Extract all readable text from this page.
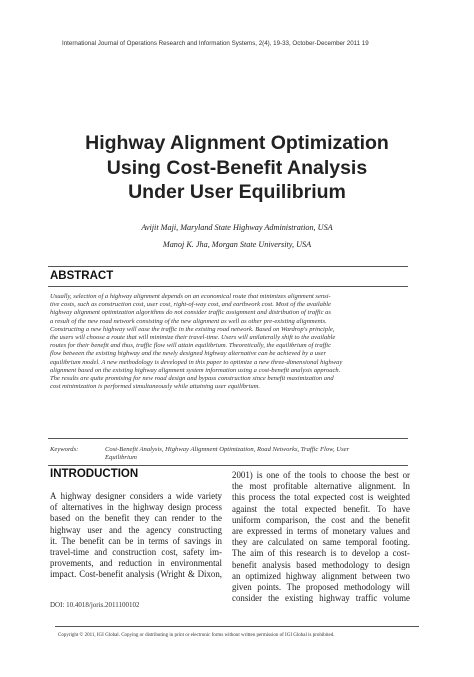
International Journal of Operations Research and Information Systems, 2(4), 19-33, October-December 2011 19
Highway Alignment Optimization
Using Cost-Benefit Analysis
Under User Equilibrium
Avijit Maji, Maryland State Highway Administration, USA
Manoj K. Jha, Morgan State University, USA
ABSTRACT
Usually, selection of a highway alignment depends on an economical route that minimizes alignment sensi-
tive costs, such as construction cost, user cost, right-of-way cost, and earthwork cost. Most of the available
highway alignment optimization algorithms do not consider traffic assignment and distribution of traffic as
a result of the new road network consisting of the new alignment as well as other pre-existing alignments.
Constructing a new highway will ease the traffic in the existing road network. Based on Wardrop's principle,
the users will choose a route that will minimize their travel-time. Users will unilaterally shift to the available
routes for their benefit and thus, traffic flow will attain equilibrium. Theoretically, the equilibrium of traffic
flow between the existing highway and the newly designed highway alternative can be achieved by a user
equilibrium model. A new methodology is developed in this paper to optimize a new three-dimensional highway
alignment based on the existing highway alignment system information using a cost-benefit analysis approach.
The results are quite promising for new road design and bypass construction since benefit maximization and
cost minimization is performed simultaneously while attaining user equilibrium.
Keywords:	Cost-Benefit Analysis, Highway Alignment Optimization, Road Networks, Traffic Flow, User
Equilibrium
INTRODUCTION
A highway designer considers a wide variety
of alternatives in the highway design process
based on the benefit they can render to the
highway user and the agency constructing
it. The benefit can be in terms of savings in
travel-time and construction cost, safety im-
provements, and reduction in environmental
impact. Cost-benefit analysis (Wright & Dixon,
2001) is one of the tools to choose the best or
the most profitable alternative alignment. In
this process the total expected cost is weighted
against the total expected benefit. To have
uniform comparison, the cost and the benefit
are expressed in terms of monetary values and
they are calculated on same temporal footing.
The aim of this research is to develop a cost-
benefit analysis based methodology to design
an optimized highway alignment between two
given points. The proposed methodology will
consider the existing highway traffic volume
DOI: 10.4018/joris.2011100102
Copyright © 2011, IGI Global. Copying or distributing in print or electronic forms without written permission of IGI Global is prohibited.
